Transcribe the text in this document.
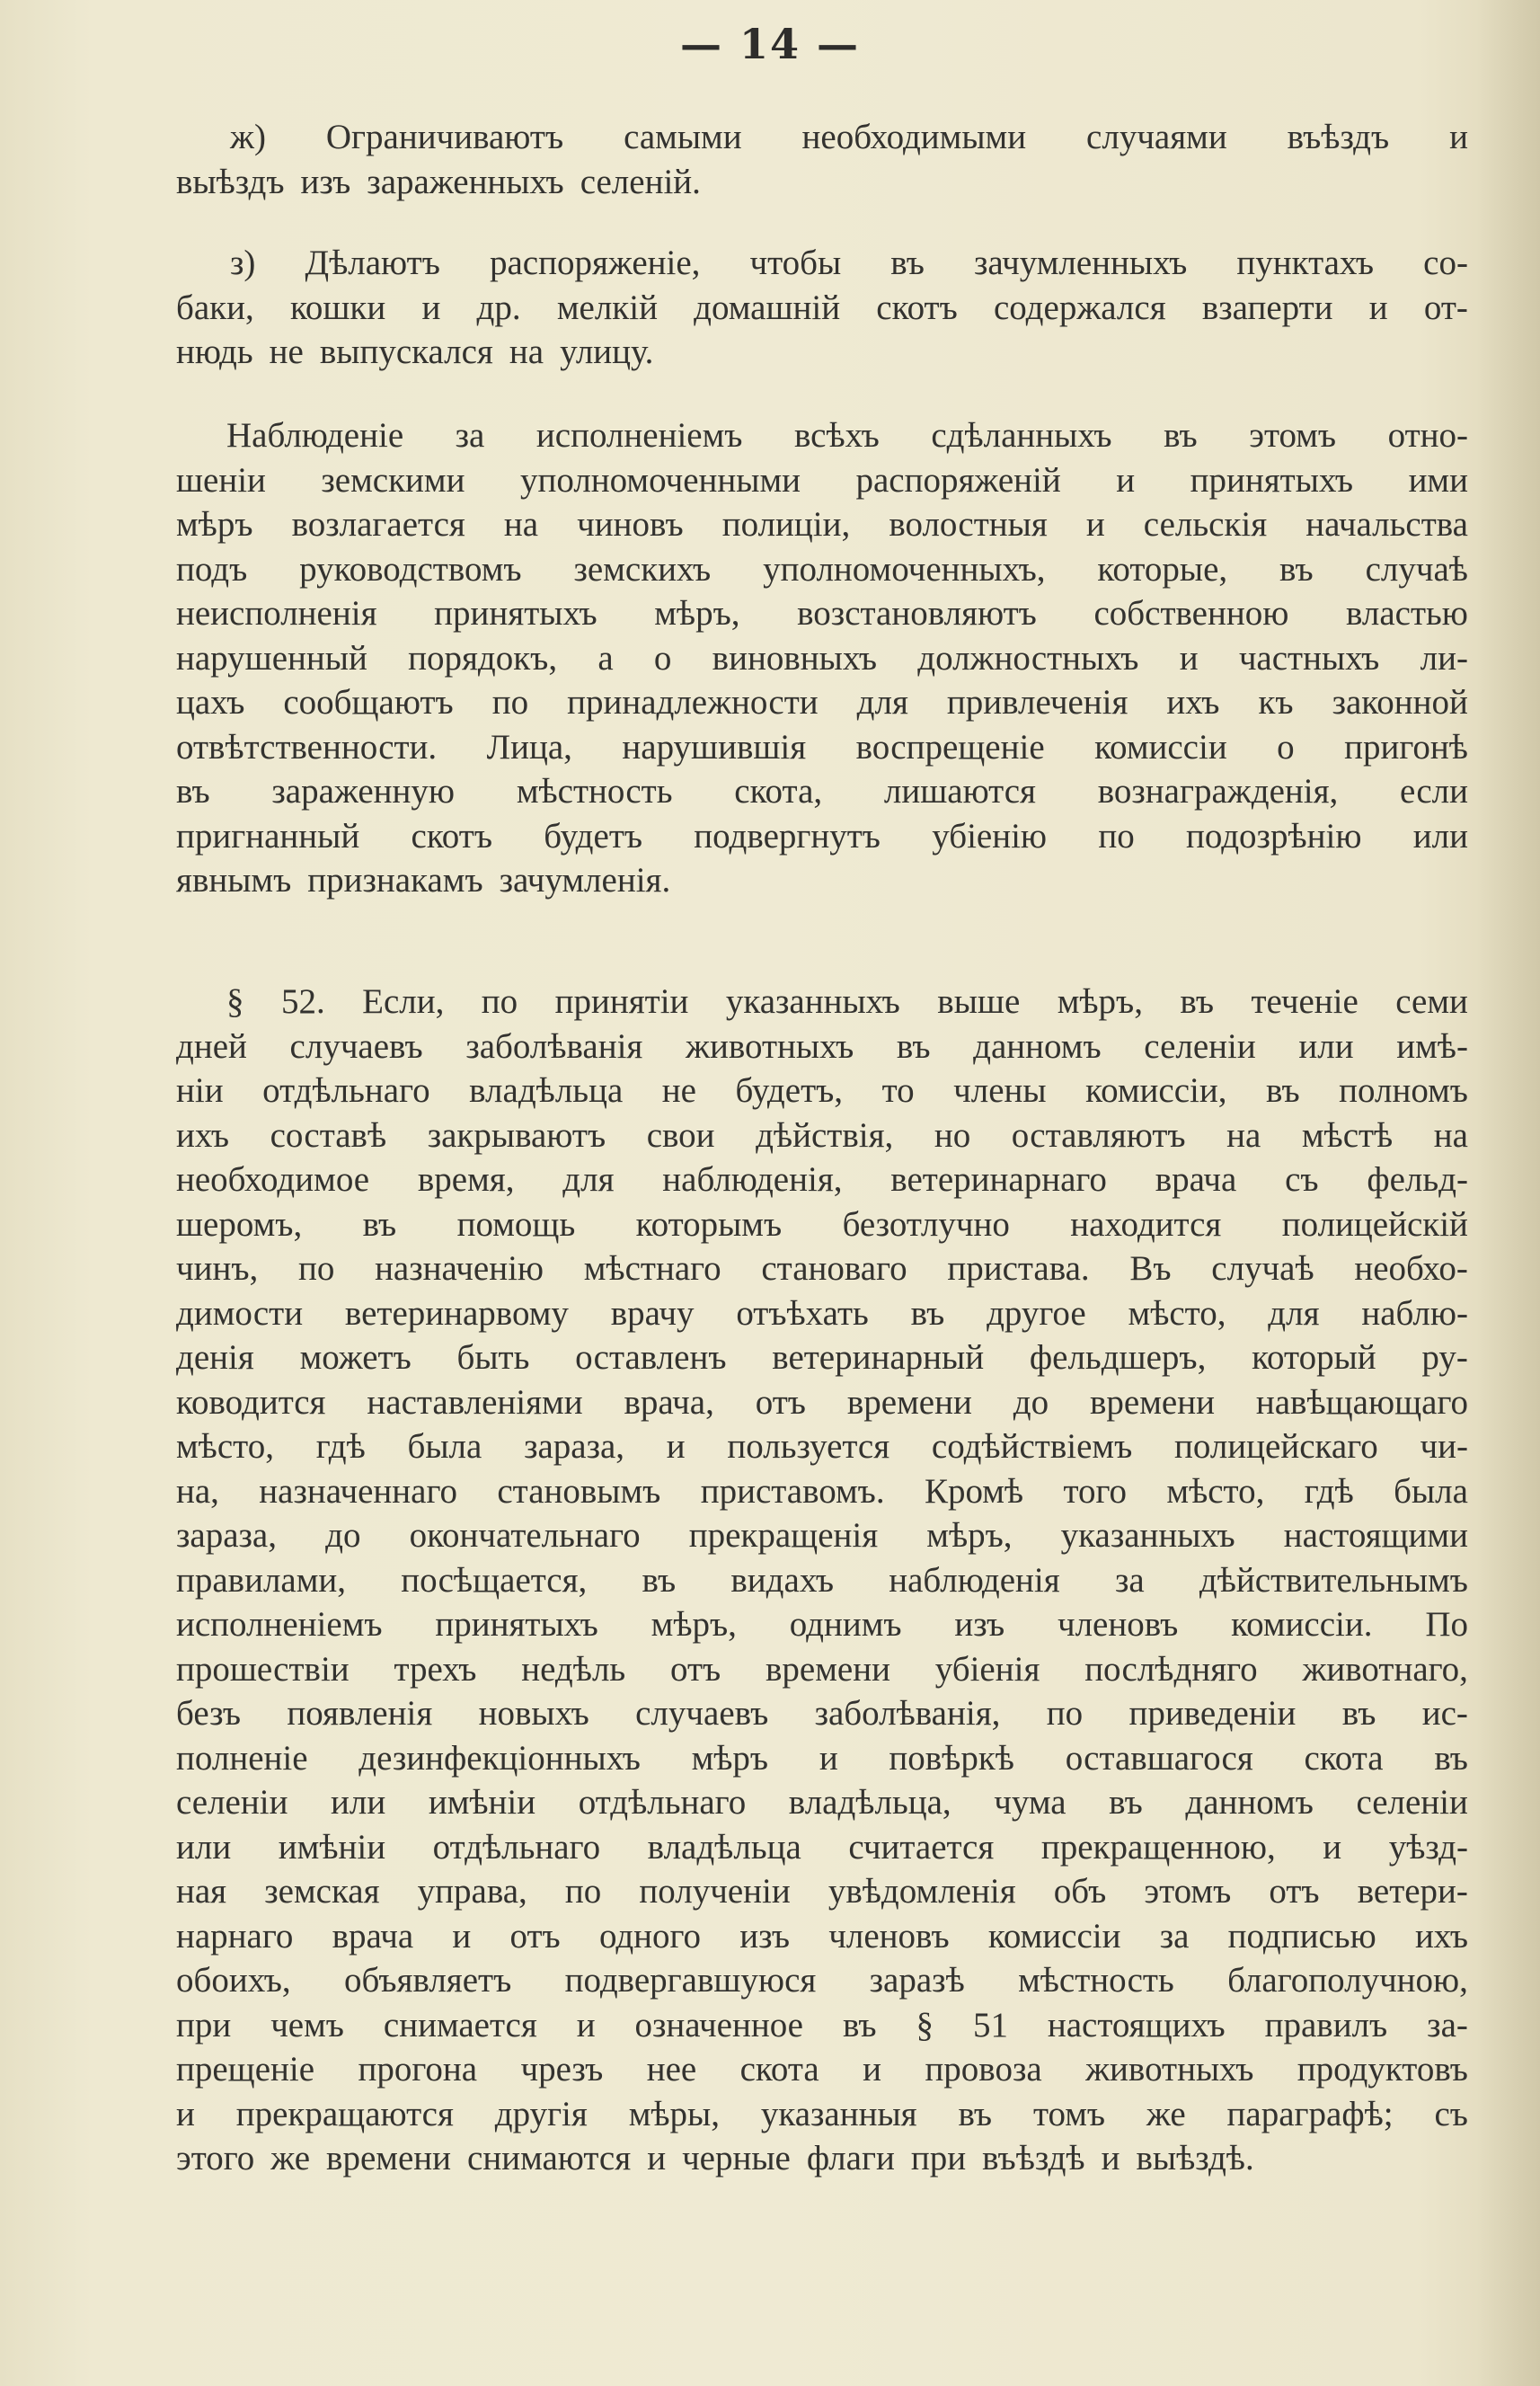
— 14 —
ж) Ограничиваютъ самыми необходимыми случаями въѣздъ и
выѣздъ изъ зараженныхъ селеній.
з) Дѣлаютъ распоряженіе, чтобы въ зачумленныхъ пунктахъ со-
баки, кошки и др. мелкій домашній скотъ содержался взаперти и от-
нюдь не выпускался на улицу.
Наблюденіе за исполненіемъ всѣхъ сдѣланныхъ въ этомъ отно-
шеніи земскими уполномоченными распоряженій и принятыхъ ими
мѣръ возлагается на чиновъ полиціи, волостныя и сельскія начальства
подъ руководствомъ земскихъ уполномоченныхъ, которые, въ случаѣ
неисполненія принятыхъ мѣръ, возстановляютъ собственною властью
нарушенный порядокъ, а о виновныхъ должностныхъ и частныхъ ли-
цахъ сообщаютъ по принадлежности для привлеченія ихъ къ законной
отвѣтственности. Лица, нарушившія воспрещеніе комиссіи о пригонѣ
въ зараженную мѣстность скота, лишаются вознагражденія, если
пригнанный скотъ будетъ подвергнутъ убіенію по подозрѣнію или
явнымъ признакамъ зачумленія.
§ 52. Если, по принятіи указанныхъ выше мѣръ, въ теченіе семи
дней случаевъ заболѣванія животныхъ въ данномъ селеніи или имѣ-
ніи отдѣльнаго владѣльца не будетъ, то члены комиссіи, въ полномъ
ихъ составѣ закрываютъ свои дѣйствія, но оставляютъ на мѣстѣ на
необходимое время, для наблюденія, ветеринарнаго врача съ фельд-
шеромъ, въ помощь которымъ безотлучно находится полицейскій
чинъ, по назначенію мѣстнаго становаго пристава. Въ случаѣ необхо-
димости ветеринарвому врачу отъѣхать въ другое мѣсто, для наблю-
денія можетъ быть оставленъ ветеринарный фельдшеръ, который ру-
ководится наставленіями врача, отъ времени до времени навѣщающаго
мѣсто, гдѣ была зараза, и пользуется содѣйствіемъ полицейскаго чи-
на, назначеннаго становымъ приставомъ. Кромѣ того мѣсто, гдѣ была
зараза, до окончательнаго прекращенія мѣръ, указанныхъ настоящими
правилами, посѣщается, въ видахъ наблюденія за дѣйствительнымъ
исполненіемъ принятыхъ мѣръ, однимъ изъ членовъ комиссіи. По
прошествіи трехъ недѣль отъ времени убіенія послѣдняго животнаго,
безъ появленія новыхъ случаевъ заболѣванія, по приведеніи въ ис-
полненіе дезинфекціонныхъ мѣръ и повѣркѣ оставшагося скота въ
селеніи или имѣніи отдѣльнаго владѣльца, чума въ данномъ селеніи
или имѣніи отдѣльнаго владѣльца считается прекращенною, и уѣзд-
ная земская управа, по полученіи увѣдомленія объ этомъ отъ ветери-
нарнаго врача и отъ одного изъ членовъ комиссіи за подписью ихъ
обоихъ, объявляетъ подвергавшуюся заразѣ мѣстность благополучною,
при чемъ снимается и означенное въ § 51 настоящихъ правилъ за-
прещеніе прогона чрезъ нее скота и провоза животныхъ продуктовъ
и прекращаются другія мѣры, указанныя въ томъ же параграфѣ; съ
этого же времени снимаются и черные флаги при въѣздѣ и выѣздѣ.
